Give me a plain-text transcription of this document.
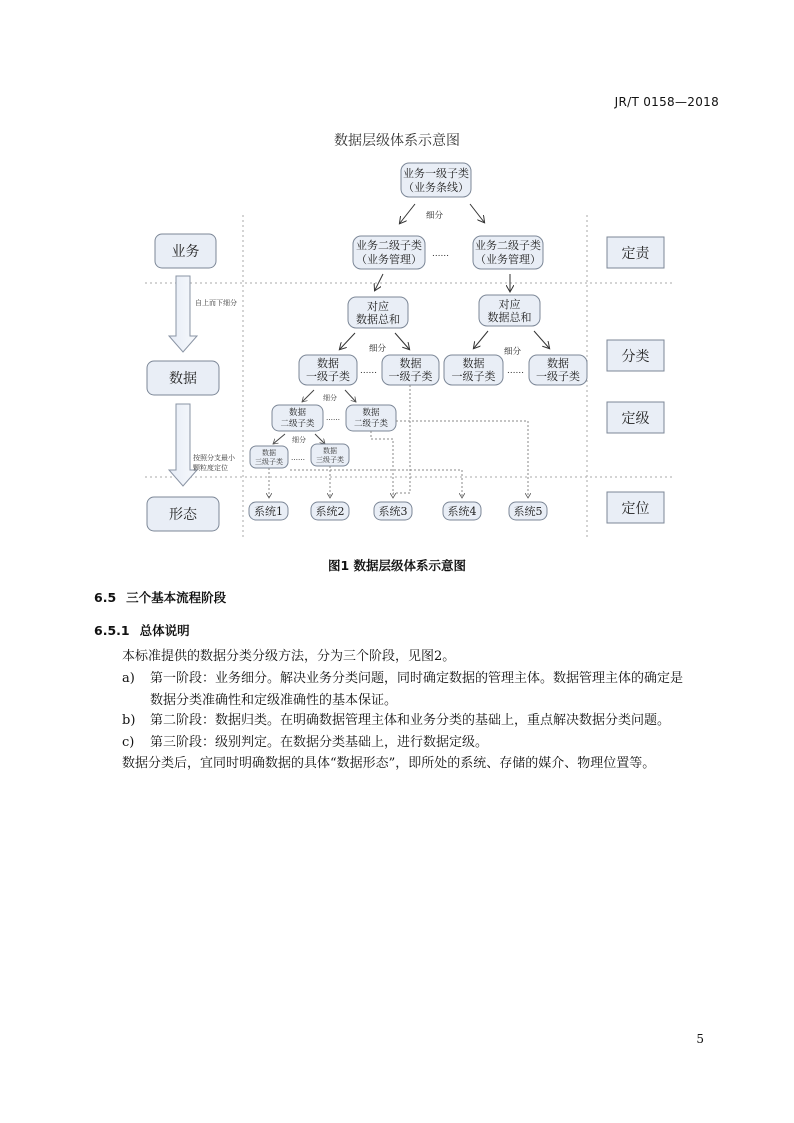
JR/T 0158—2018
数据层级体系示意图
业务
数据
形态
自上而下细分
按照分支最小
颗粒度定位
定责
分类
定级
定位
业务一级子类
（业务条线）
细分
业务二级子类
（业务管理） ……
业务二级子类
（业务管理）
对应
数据总和
对应
数据总和
细分	细分
数据
一级子类 ……
数据
一级子类
数据
一级子类 ……
数据
一级子类
细分
数据
二级子类
……	数据
二级子类
细分
数据
三级子类 ……
数据
三级子类
系统1	系统2	系统3	系统4	系统5
图1 数据层级体系示意图
6.5 三个基本流程阶段
6.5.1 总体说明
本标准提供的数据分类分级方法，分为三个阶段，见图2。
a) 第一阶段：业务细分。解决业务分类问题，同时确定数据的管理主体。数据管理主体的确定是
数据分类准确性和定级准确性的基本保证。
b) 第二阶段：数据归类。在明确数据管理主体和业务分类的基础上，重点解决数据分类问题。
c) 第三阶段：级别判定。在数据分类基础上，进行数据定级。
数据分类后，宜同时明确数据的具体“数据形态”，即所处的系统、存储的媒介、物理位置等。
5
